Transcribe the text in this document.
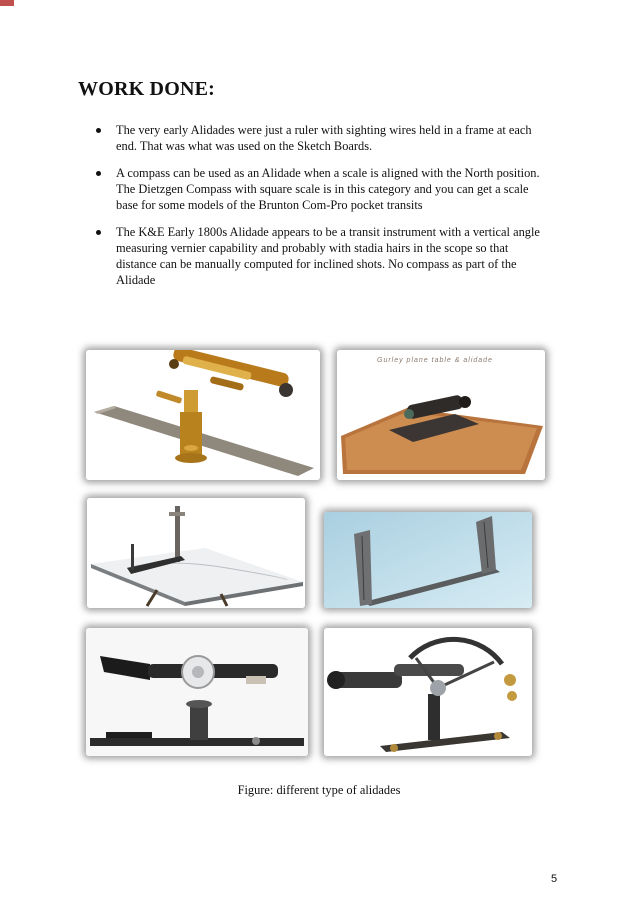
WORK DONE:
The very early Alidades were just a ruler with sighting wires held in a frame at each end. That was what was used on the Sketch Boards.
A compass can be used as an Alidade when a scale is aligned with the North position. The Dietzgen Compass with square scale is in this category and you can get a scale base for some models of the Brunton Com-Pro pocket transits
The K&E Early 1800s Alidade appears to be a transit instrument with a vertical angle measuring vernier capability and probably with stadia hairs in the scope so that distance can be manually computed for inclined shots. No compass as part of the Alidade
Gurley plane table & alidade
Figure: different type of alidades
5
